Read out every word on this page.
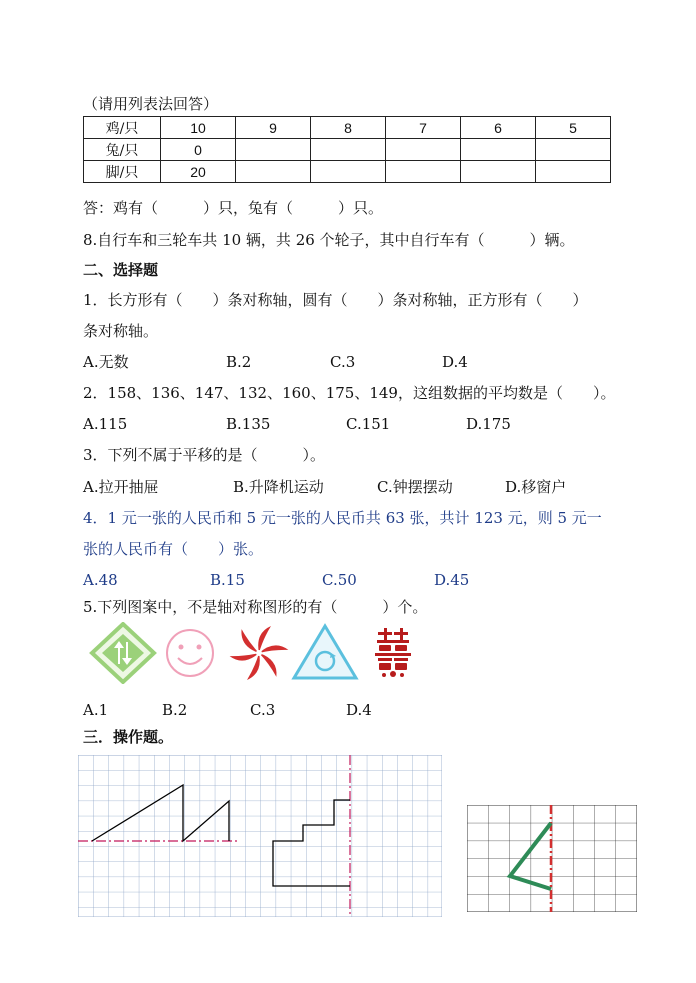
（请用列表法回答）
鸡/只	10	9	8	7	6	5
兔/只	0					
脚/只	20					
答：鸡有（　　　）只，兔有（　　　）只。
8.自行车和三轮车共 10 辆，共 26 个轮子，其中自行车有（　　　）辆。
二、选择题
1．长方形有（　　）条对称轴，圆有（　　）条对称轴，正方形有（　　）
条对称轴。
A.无数	B.2	C.3	D.4
2．158、136、147、132、160、175、149，这组数据的平均数是（　　）。
A.115	B.135	C.151	D.175
3．下列不属于平移的是（　　　）。
A.拉开抽屉	B.升降机运动	C.钟摆摆动	D.移窗户
4．1 元一张的人民币和 5 元一张的人民币共 63 张，共计 123 元，则 5 元一
张的人民币有（　　）张。
A.48	B.15	C.50	D.45
5.下列图案中，不是轴对称图形的有（　　　）个。
A.1	B.2	C.3	D.4
三．操作题。
